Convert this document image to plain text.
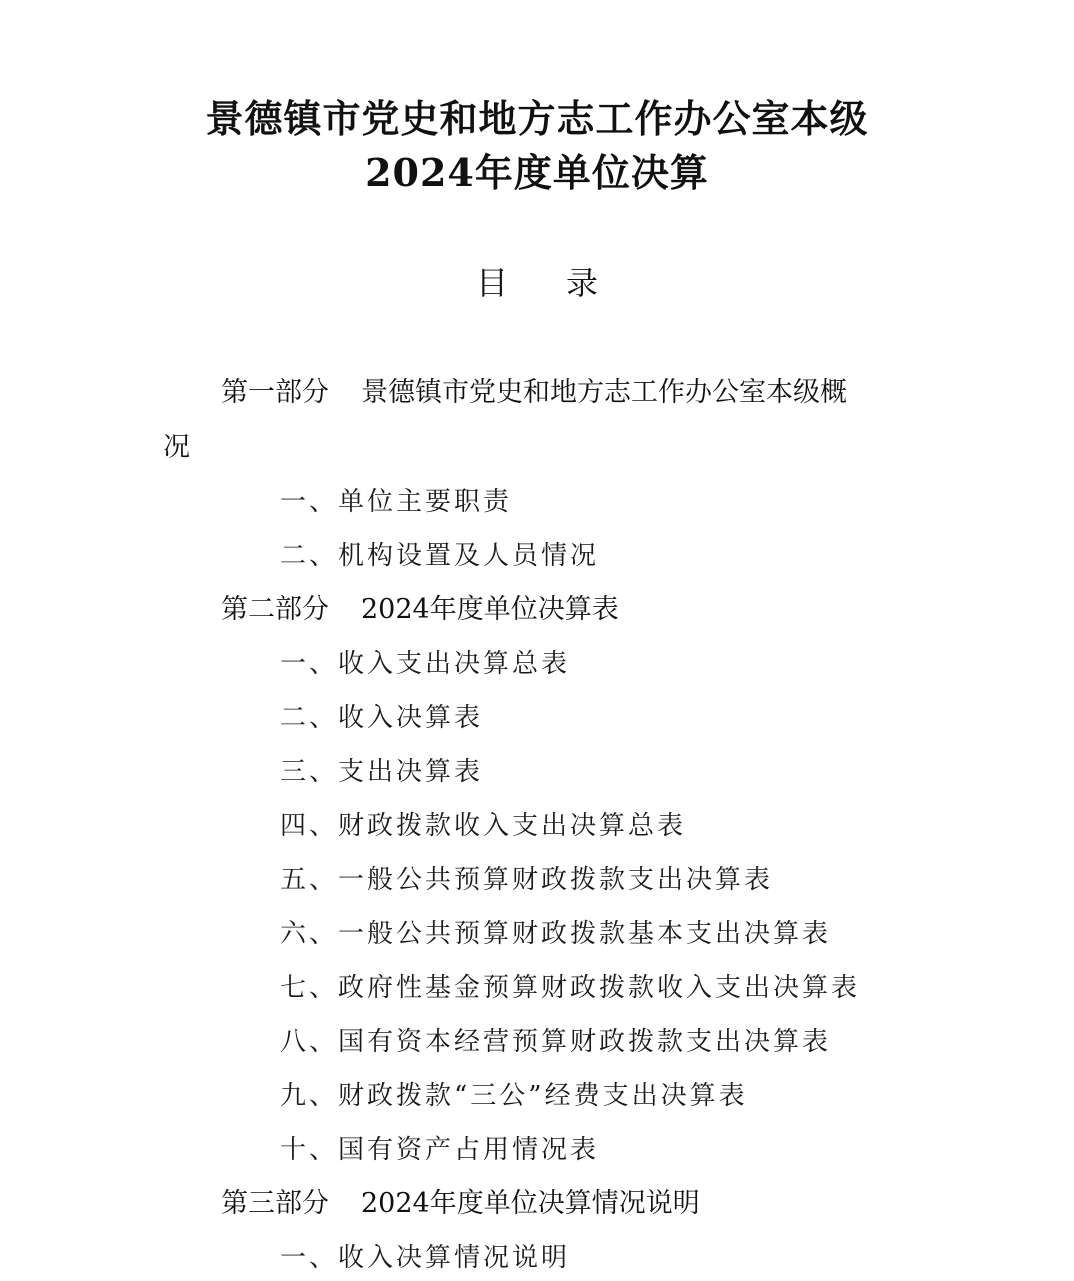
景德镇市党史和地方志工作办公室本级
2024年度单位决算
目 录
第一部分 景德镇市党史和地方志工作办公室本级概
况
一、单位主要职责
二、机构设置及人员情况
第二部分 2024年度单位决算表
一、收入支出决算总表
二、收入决算表
三、支出决算表
四、财政拨款收入支出决算总表
五、一般公共预算财政拨款支出决算表
六、一般公共预算财政拨款基本支出决算表
七、政府性基金预算财政拨款收入支出决算表
八、国有资本经营预算财政拨款支出决算表
九、财政拨款“三公”经费支出决算表
十、国有资产占用情况表
第三部分 2024年度单位决算情况说明
一、收入决算情况说明
